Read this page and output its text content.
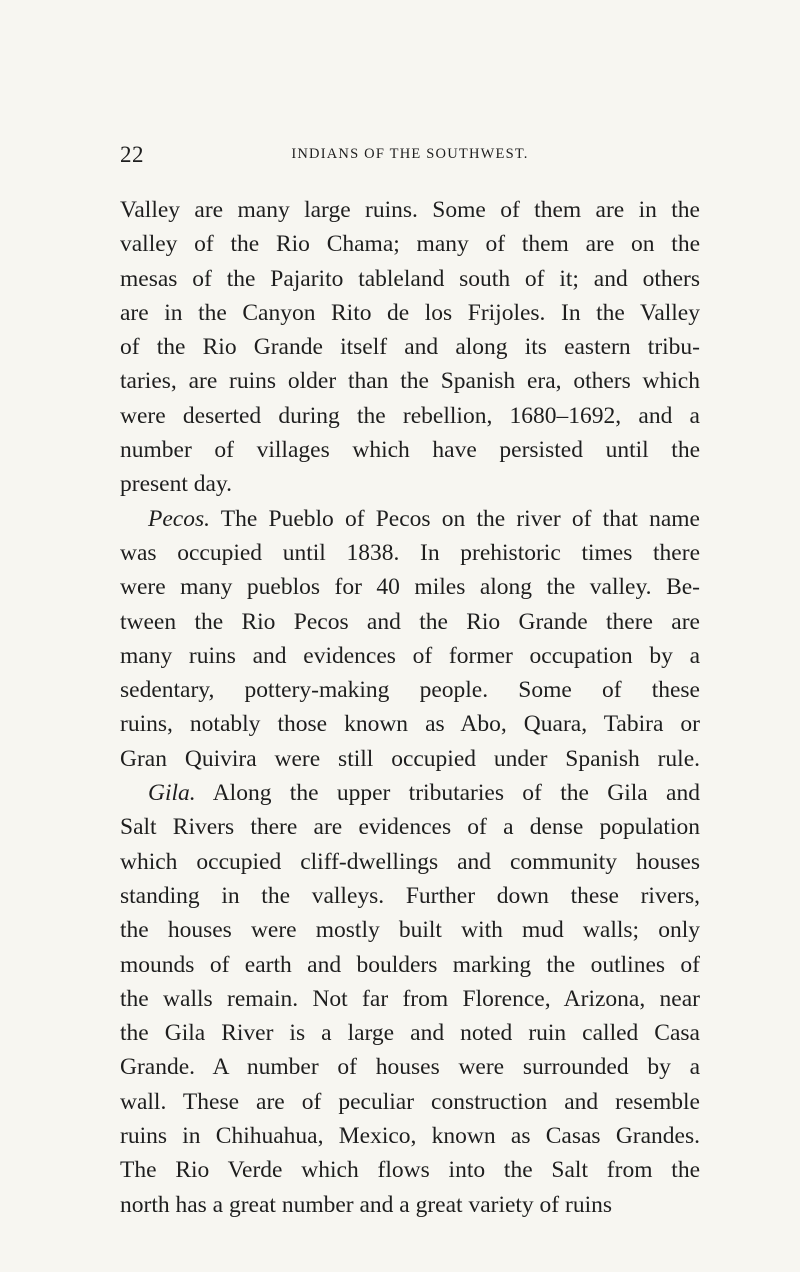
22	INDIANS OF THE SOUTHWEST.
Valley are many large ruins. Some of them are in the
valley of the Rio Chama; many of them are on the
mesas of the Pajarito tableland south of it; and others
are in the Canyon Rito de los Frijoles. In the Valley
of the Rio Grande itself and along its eastern tribu-
taries, are ruins older than the Spanish era, others which
were deserted during the rebellion, 1680–1692, and a
number of villages which have persisted until the
present day.
Pecos. The Pueblo of Pecos on the river of that name
was occupied until 1838. In prehistoric times there
were many pueblos for 40 miles along the valley. Be-
tween the Rio Pecos and the Rio Grande there are
many ruins and evidences of former occupation by a
sedentary, pottery-making people. Some of these
ruins, notably those known as Abo, Quara, Tabira or
Gran Quivira were still occupied under Spanish rule.
Gila. Along the upper tributaries of the Gila and
Salt Rivers there are evidences of a dense population
which occupied cliff-dwellings and community houses
standing in the valleys. Further down these rivers,
the houses were mostly built with mud walls; only
mounds of earth and boulders marking the outlines of
the walls remain. Not far from Florence, Arizona, near
the Gila River is a large and noted ruin called Casa
Grande. A number of houses were surrounded by a
wall. These are of peculiar construction and resemble
ruins in Chihuahua, Mexico, known as Casas Grandes.
The Rio Verde which flows into the Salt from the
north has a great number and a great variety of ruins
